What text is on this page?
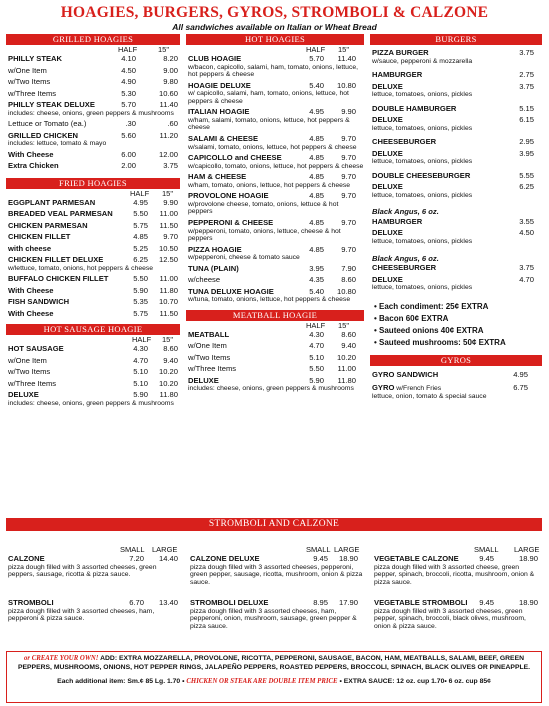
HOAGIES, BURGERS, GYROS, STROMBOLI & CALZONE
All sandwiches available on Italian or Wheat Bread
GRILLED HOAGIES
HALF	15"
PHILLY STEAK	4.10	8.20
w/One Item	4.50	9.00
w/Two Items	4.90	9.80
w/Three Items	5.30	10.60
PHILLY STEAK DELUXE	5.70	11.40
includes: cheese, onions, green peppers & mushrooms
Lettuce or Tomato (ea.)	.30	.60
GRILLED CHICKEN	5.60	11.20
includes: lettuce, tomato & mayo
With Cheese	6.00	12.00
Extra Chicken	2.00	3.75
FRIED HOAGIES
HALF 15"
EGGPLANT PARMESAN	4.95 9.90
BREADED VEAL PARMESAN	5.50 11.00
CHICKEN PARMESAN	5.75 11.50
CHICKEN FILLET	4.85 9.70
with cheese	5.25 10.50
CHICKEN FILLET DELUXE	6.25 12.50
w/lettuce, tomato, onions, hot peppers & cheese
BUFFALO CHICKEN FILLET	5.50 11.00
With Cheese	5.90 11.80
FISH SANDWICH	5.35 10.70
With Cheese	5.75 11.50
HOT SAUSAGE HOAGIE
HALF 15"
HOT SAUSAGE	4.30 8.60
w/One Item	4.70 9.40
w/Two Items	5.10 10.20
w/Three Items	5.10 10.20
DELUXE	5.90 11.80
includes: cheese, onions, green peppers & mushrooms
HOT HOAGIES
HALF 15"
CLUB HOAGIE	5.70 11.40
w/bacon, capicollo, salami, ham, tomato, onions, lettuce, hot peppers & cheese
HOAGIE DELUXE	5.40 10.80
w/ capicollo, salami, ham, tomato, onions, lettuce, hot peppers & cheese
ITALIAN HOAGIE	4.95 9.90
w/ham, salami, tomato, onions, lettuce, hot peppers & cheese
SALAMI & CHEESE	4.85 9.70
w/salami, tomato, onions, lettuce, hot peppers & cheese
CAPICOLLO and CHEESE	4.85 9.70
w/capicollo, tomato, onions, lettuce, hot peppers & cheese
HAM & CHEESE	4.85 9.70
w/ham, tomato, onions, lettuce, hot peppers & cheese
PROVOLONE HOAGIE	4.85 9.70
w/provolone cheese, tomato, onions, lettuce & hot peppers
PEPPERONI & CHEESE	4.85 9.70
w/pepperoni, tomato, onions, lettuce, cheese & hot peppers
PIZZA HOAGIE	4.85 9.70
w/pepperoni, cheese & tomato sauce
TUNA (PLAIN)	3.95 7.90
w/cheese	4.35 8.60
TUNA DELUXE HOAGIE	5.40 10.80
w/tuna, tomato, onions, lettuce, hot peppers & cheese
MEATBALL HOAGIE
HALF 15"
MEATBALL	4.30 8.60
w/One Item	4.70 9.40
w/Two Items	5.10 10.20
w/Three Items	5.50 11.00
DELUXE	5.90 11.80
includes: cheese, onions, green peppers & mushrooms
BURGERS
PIZZA BURGER	3.75
w/sauce, pepperoni & mozzarella
HAMBURGER	2.75
DELUXE	3.75
lettuce, tomatoes, onions, pickles
DOUBLE HAMBURGER	5.15
DELUXE	6.15
lettuce, tomatoes, onions, pickles
CHEESEBURGER	2.95
DELUXE	3.95
lettuce, tomatoes, onions, pickles
DOUBLE CHEESEBURGER	5.55
DELUXE	6.25
lettuce, tomatoes, onions, pickles
Black Angus, 6 oz.
HAMBURGER	3.55
DELUXE	4.50
lettuce, tomatoes, onions, pickles
Black Angus, 6 oz.
CHEESEBURGER	3.75
DELUXE	4.70
lettuce, tomatoes, onions, pickles
• Each condiment: 25¢ EXTRA
• Bacon 60¢ EXTRA
• Sauteed onions 40¢ EXTRA
• Sauteed mushrooms: 50¢ EXTRA
GYROS
GYRO SANDWICH	4.95
GYRO w/French Fries	6.75
lettuce, onion, tomato & special sauce
STROMBOLI AND CALZONE
SMALL LARGE
CALZONE	7.20 14.40
pizza dough filled with 3 assorted cheeses, green peppers, sausage, ricotta & pizza sauce.
SMALL LARGE
CALZONE DELUXE	9.45 18.90
pizza dough filled with 3 assorted cheeses, pepperoni, green pepper, sausage, ricotta, mushroom, onion & pizza sauce.
SMALL LARGE
VEGETABLE CALZONE	9.45	18.90
pizza dough filled with 3 assorted cheese, green pepper, spinach, broccoli, ricotta, mushroom, onion & pizza sauce.
STROMBOLI	6.70 13.40
pizza dough filled with 3 assorted cheeses, ham, pepperoni & pizza sauce.
STROMBOLI DELUXE	8.95 17.90
pizza dough filled with 3 assorted cheeses, ham, pepperoni, onion, mushroom, sausage, green pepper & pizza sauce.
VEGETABLE STROMBOLI 9.45	18.90
pizza dough filled with 3 assorted cheeses, green pepper, spinach, broccoli, black olives, mushroom, onion & pizza sauce.
or CREATE YOUR OWN! ADD: EXTRA MOZZARELLA, PROVOLONE, RICOTTA, PEPPERONI, SAUSAGE, BACON, HAM, MEATBALLS, SALAMI, BEEF, GREEN PEPPERS, MUSHROOMS, ONIONS, HOT PEPPER RINGS, JALAPEÑO PEPPERS, ROASTED PEPPERS, BROCCOLI, SPINACH, BLACK OLIVES OR PINEAPPLE.
Each additional item: Sm.¢ 85 Lg. 1.70 • CHICKEN OR STEAK ARE DOUBLE ITEM PRICE • EXTRA SAUCE: 12 oz. cup 1.70• 6 oz. cup 85¢
